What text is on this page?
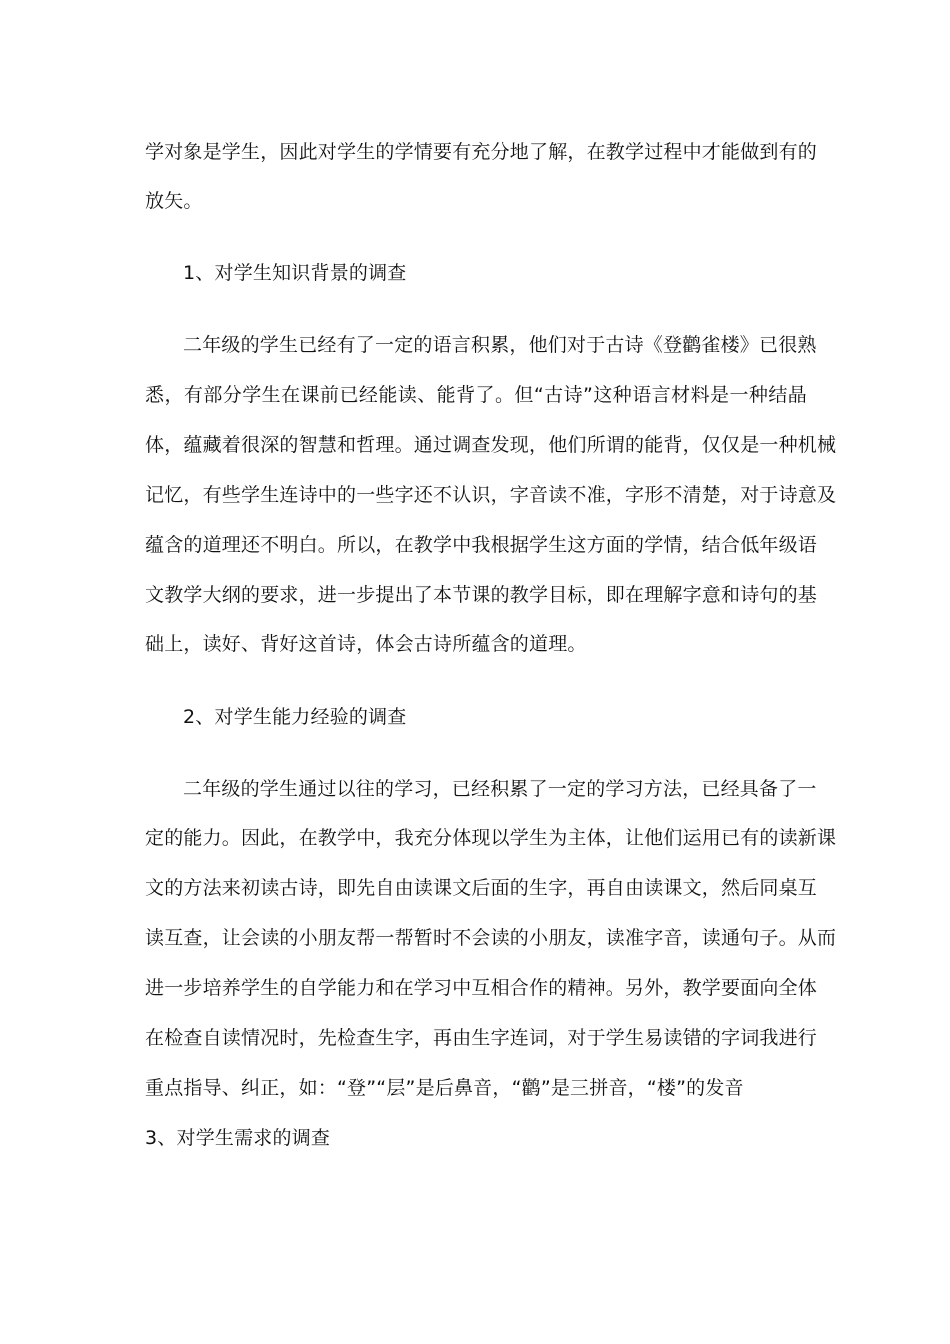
学对象是学生，因此对学生的学情要有充分地了解，在教学过程中才能做到有的
放矢。
1、对学生知识背景的调查
二年级的学生已经有了一定的语言积累，他们对于古诗《登鹳雀楼》已很熟
悉，有部分学生在课前已经能读、能背了。但“古诗”这种语言材料是一种结晶
体，蕴藏着很深的智慧和哲理。通过调查发现，他们所谓的能背，仅仅是一种机械
记忆，有些学生连诗中的一些字还不认识，字音读不准，字形不清楚，对于诗意及
蕴含的道理还不明白。所以，在教学中我根据学生这方面的学情，结合低年级语
文教学大纲的要求，进一步提出了本节课的教学目标，即在理解字意和诗句的基
础上，读好、背好这首诗，体会古诗所蕴含的道理。
2、对学生能力经验的调查
二年级的学生通过以往的学习，已经积累了一定的学习方法，已经具备了一
定的能力。因此，在教学中，我充分体现以学生为主体，让他们运用已有的读新课
文的方法来初读古诗，即先自由读课文后面的生字，再自由读课文，然后同桌互
读互查，让会读的小朋友帮一帮暂时不会读的小朋友，读准字音，读通句子。从而
进一步培养学生的自学能力和在学习中互相合作的精神。另外，教学要面向全体
在检查自读情况时，先检查生字，再由生字连词，对于学生易读错的字词我进行
重点指导、纠正，如：“登”“层”是后鼻音，“鹳”是三拼音，“楼”的发音
3、对学生需求的调查
